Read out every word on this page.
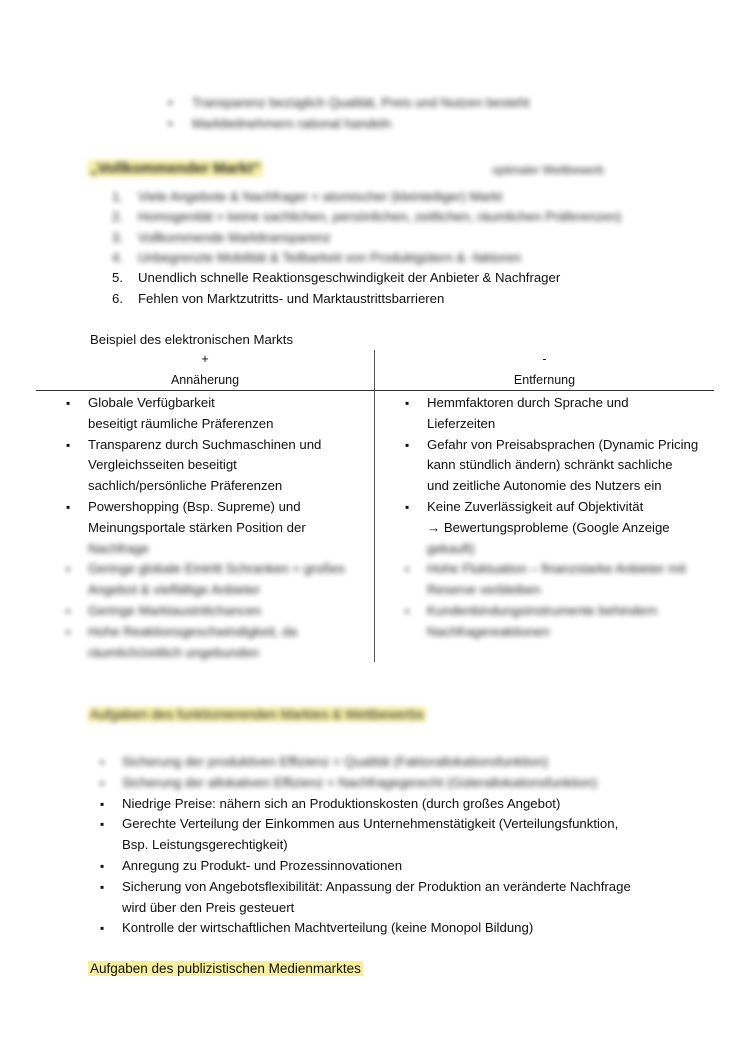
• Transparenz bezüglich Qualität, Preis und Nutzen besteht
• Marktteilnehmern rational handeln
„Vollkommender Markt“	optimaler Wettbewerb
1. Viele Angebote & Nachfrager = atomischer (kleinteiliger) Markt
2. Homogenität = keine sachlichen, persönlichen, zeitlichen, räumlichen Präferenzen)
3. Vollkommende Markttransparenz
4. Unbegrenzte Mobilität & Teilbarkeit von Produktgütern & -faktoren
5. Unendlich schnelle Reaktionsgeschwindigkeit der Anbieter & Nachfrager
6. Fehlen von Marktzutritts- und Marktaustrittsbarrieren
Beispiel des elektronischen Markts
+
Annäherung
-
Entfernung
▪ Globale Verfügbarkeit
beseitigt räumliche Präferenzen
▪ Transparenz durch Suchmaschinen und
Vergleichsseiten beseitigt
sachlich/persönliche Präferenzen
▪ Powershopping (Bsp. Supreme) und
Meinungsportale stärken Position der
Nachfrage
▪ Geringe globale Eintritt Schranken = großes
Angebot & vielfältige Anbieter
▪ Geringe Marktaustrittchancen
▪ Hohe Reaktionsgeschwindigkeit, da
räumlich/zeitlich ungebunden
▪ Hemmfaktoren durch Sprache und
Lieferzeiten
▪ Gefahr von Preisabsprachen (Dynamic Pricing
kann stündlich ändern) schränkt sachliche
und zeitliche Autonomie des Nutzers ein
▪ Keine Zuverlässigkeit auf Objektivität
→ Bewertungsprobleme (Google Anzeige
gekauft)
▪ Hohe Fluktuation – finanzstarke Anbieter mit
Reserve verbleiben
▪ Kundenbindungsinstrumente behindern
Nachfragereaktionen
Aufgaben des funktionierenden Marktes & Wettbewerbs
▪ Sicherung der produktiven Effizienz = Qualität (Faktorallokationsfunktion)
▪ Sicherung der allokativen Effizienz = Nachfragegerecht (Güterallokationsfunktion)
▪ Niedrige Preise: nähern sich an Produktionskosten (durch großes Angebot)
▪ Gerechte Verteilung der Einkommen aus Unternehmenstätigkeit (Verteilungsfunktion,
Bsp. Leistungsgerechtigkeit)
▪ Anregung zu Produkt- und Prozessinnovationen
▪ Sicherung von Angebotsflexibilität: Anpassung der Produktion an veränderte Nachfrage
wird über den Preis gesteuert
▪ Kontrolle der wirtschaftlichen Machtverteilung (keine Monopol Bildung)
Aufgaben des publizistischen Medienmarktes
